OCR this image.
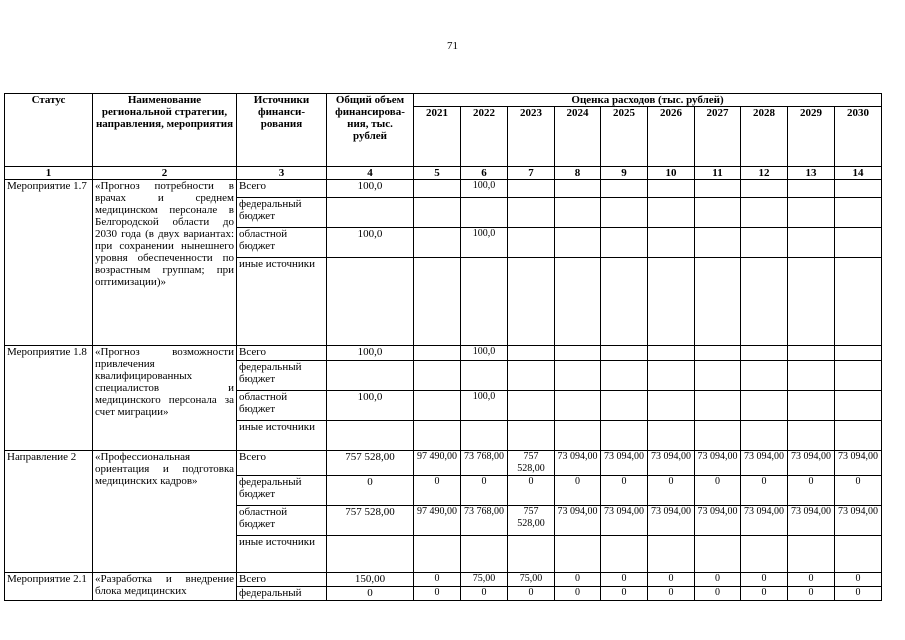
71
Статус	Наименование региональной стратегии, направления, мероприятия	Источники финанси-рования	Общий объем финансирова-ния, тыс. рублей	Оценка расходов (тыс. рублей)									
				2021	2022	2023	2024	2025	2026	2027	2028	2029	2030
1	2	3	4	5	6	7	8	9	10	11	12	13	14
Мероприятие 1.7	«Прогноз потребности в врачах и среднем медицинском персонале в Белгородской области до 2030 года (в двух вариантах: при сохранении нынешнего уровня обеспеченности по возрастным группам; при оптимизации)»	Всего	100,0		100,0								
		федеральный бюджет											
		областной бюджет	100,0		100,0								
		иные источники											
Мероприятие 1.8	«Прогноз возможности привлечения квалифицированных специалистов и медицинского персонала за счет миграции»	Всего	100,0		100,0								
		федеральный бюджет											
		областной бюджет	100,0		100,0								
		иные источники											
Направление 2	«Профессиональная ориентация и подготовка медицинских кадров»	Всего	757 528,00	97 490,00	73 768,00	757 528,00	73 094,00	73 094,00	73 094,00	73 094,00	73 094,00	73 094,00	73 094,00
		федеральный бюджет	0	0	0	0	0	0	0	0	0	0	0
		областной бюджет	757 528,00	97 490,00	73 768,00	757 528,00	73 094,00	73 094,00	73 094,00	73 094,00	73 094,00	73 094,00	73 094,00
		иные источники											
Мероприятие 2.1	«Разработка и внедрение блока медицинских	Всего	150,00	0	75,00	75,00	0	0	0	0	0	0	0
		федеральный	0	0	0	0	0	0	0	0	0	0	0
